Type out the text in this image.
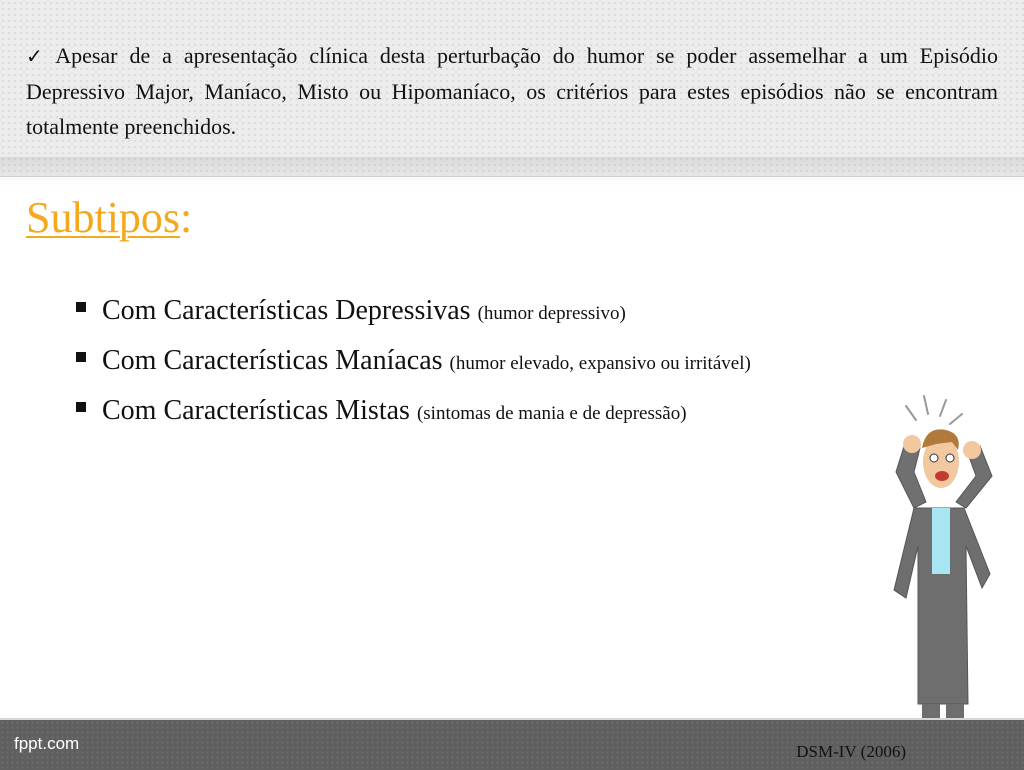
✓ Apesar de a apresentação clínica desta perturbação do humor se poder assemelhar a um Episódio Depressivo Major, Maníaco, Misto ou Hipomaníaco, os critérios para estes episódios não se encontram totalmente preenchidos.

Subtipos:
Com Características Depressivas (humor depressivo)
Com Características Maníacas (humor elevado, expansivo ou irritável)
Com Características Mistas (sintomas de mania e de depressão)
fppt.com	DSM-IV (2006)
